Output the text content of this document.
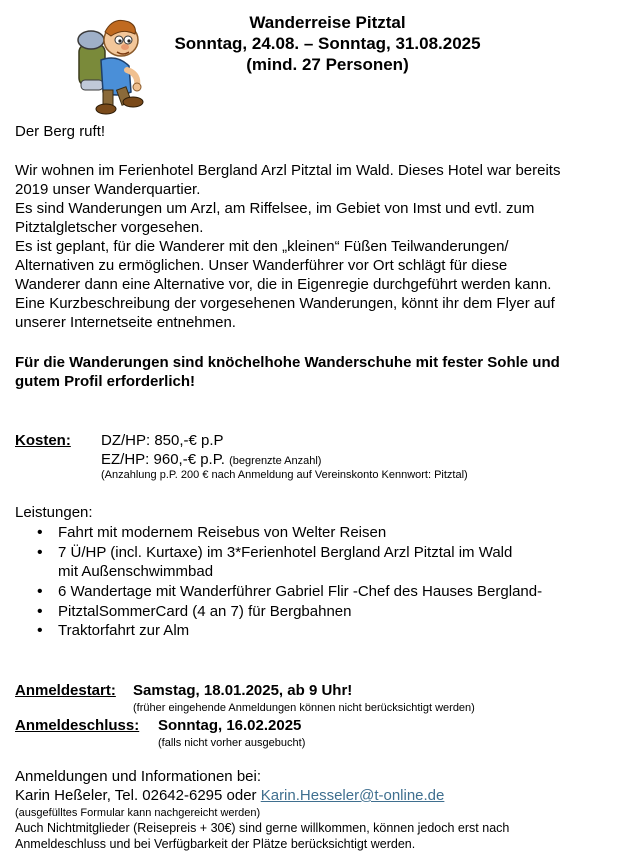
Wanderreise Pitztal
Sonntag, 24.08. – Sonntag, 31.08.2025
(mind. 27 Personen)
Der Berg ruft!
Wir wohnen im Ferienhotel Bergland Arzl Pitztal im Wald. Dieses Hotel war bereits
2019 unser Wanderquartier.
Es sind Wanderungen um Arzl, am Riffelsee, im Gebiet von Imst und evtl. zum
Pitztalgletscher vorgesehen.
Es ist geplant, für die Wanderer mit den „kleinen“ Füßen Teilwanderungen/
Alternativen zu ermöglichen. Unser Wanderführer vor Ort schlägt für diese
Wanderer dann eine Alternative vor, die in Eigenregie durchgeführt werden kann.
Eine Kurzbeschreibung der vorgesehenen Wanderungen, könnt ihr dem Flyer auf
unserer Internetseite entnehmen.
Für die Wanderungen sind knöchelhohe Wanderschuhe mit fester Sohle und
gutem Profil erforderlich!
Kosten: DZ/HP: 850,-€ p.P
EZ/HP: 960,-€ p.P. (begrenzte Anzahl)
(Anzahlung p.P. 200 € nach Anmeldung auf Vereinskonto Kennwort: Pitztal)
Leistungen:
• Fahrt mit modernem Reisebus von Welter Reisen
• 7 Ü/HP (incl. Kurtaxe) im 3*Ferienhotel Bergland Arzl Pitztal im Wald
mit Außenschwimmbad
• 6 Wandertage mit Wanderführer Gabriel Flir -Chef des Hauses Bergland-
• PitztalSommerCard (4 an 7) für Bergbahnen
• Traktorfahrt zur Alm
Anmeldestart: Samstag, 18.01.2025, ab 9 Uhr!
(früher eingehende Anmeldungen können nicht berücksichtigt werden)
Anmeldeschluss: Sonntag, 16.02.2025
(falls nicht vorher ausgebucht)
Anmeldungen und Informationen bei:
Karin Heßeler, Tel. 02642-6295 oder Karin.Hesseler@t-online.de
(ausgefülltes Formular kann nachgereicht werden)
Auch Nichtmitglieder (Reisepreis + 30€) sind gerne willkommen, können jedoch erst nach
Anmeldeschluss und bei Verfügbarkeit der Plätze berücksichtigt werden.
